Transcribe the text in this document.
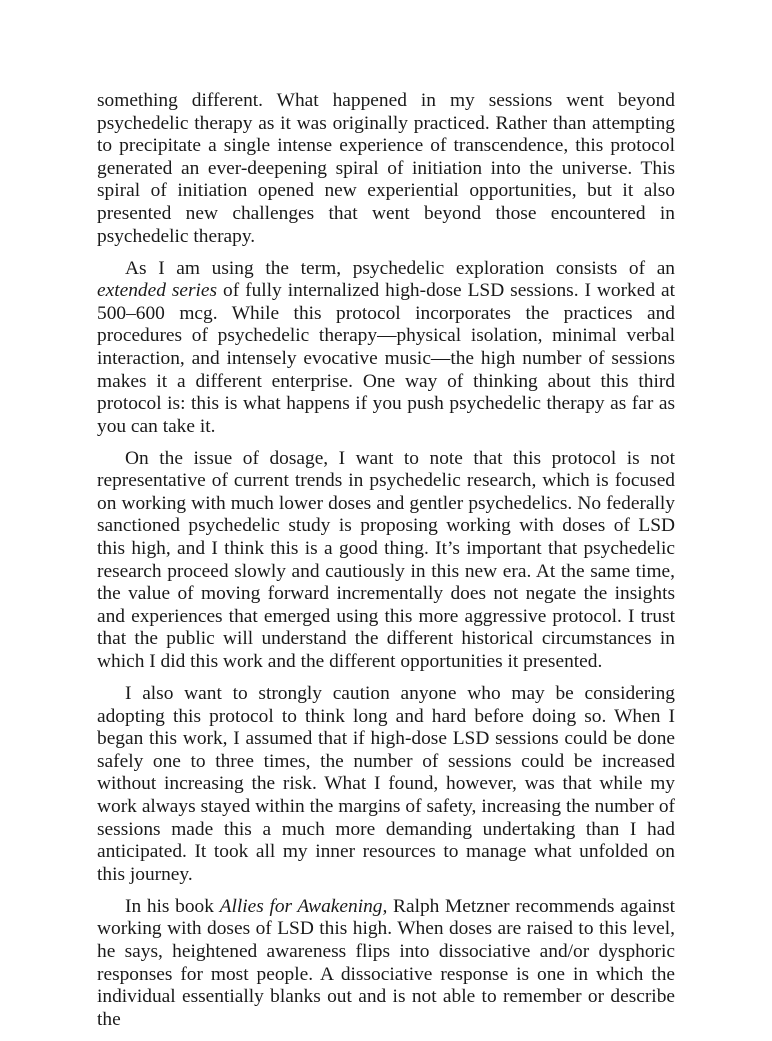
something different. What happened in my sessions went beyond psychedelic therapy as it was originally practiced. Rather than attempting to precipitate a single intense experience of transcendence, this protocol generated an ever-deepening spiral of initiation into the universe. This spiral of initiation opened new experiential opportunities, but it also presented new challenges that went beyond those encountered in psychedelic therapy.

As I am using the term, psychedelic exploration consists of an extended series of fully internalized high-dose LSD sessions. I worked at 500–600 mcg. While this protocol incorporates the practices and procedures of psychedelic therapy—physical isolation, minimal verbal interaction, and intensely evocative music—the high number of sessions makes it a different enterprise. One way of thinking about this third protocol is: this is what happens if you push psychedelic therapy as far as you can take it.

On the issue of dosage, I want to note that this protocol is not representative of current trends in psychedelic research, which is focused on working with much lower doses and gentler psychedelics. No federally sanctioned psychedelic study is proposing working with doses of LSD this high, and I think this is a good thing. It’s important that psychedelic research proceed slowly and cautiously in this new era. At the same time, the value of moving forward incrementally does not negate the insights and experiences that emerged using this more aggressive protocol. I trust that the public will understand the different historical circumstances in which I did this work and the different opportunities it presented.

I also want to strongly caution anyone who may be considering adopting this protocol to think long and hard before doing so. When I began this work, I assumed that if high-dose LSD sessions could be done safely one to three times, the number of sessions could be increased without increasing the risk. What I found, however, was that while my work always stayed within the margins of safety, increasing the number of sessions made this a much more demanding undertaking than I had anticipated. It took all my inner resources to manage what unfolded on this journey.

In his book Allies for Awakening, Ralph Metzner recommends against working with doses of LSD this high. When doses are raised to this level, he says, heightened awareness flips into dissociative and/or dysphoric responses for most people. A dissociative response is one in which the individual essentially blanks out and is not able to remember or describe the
